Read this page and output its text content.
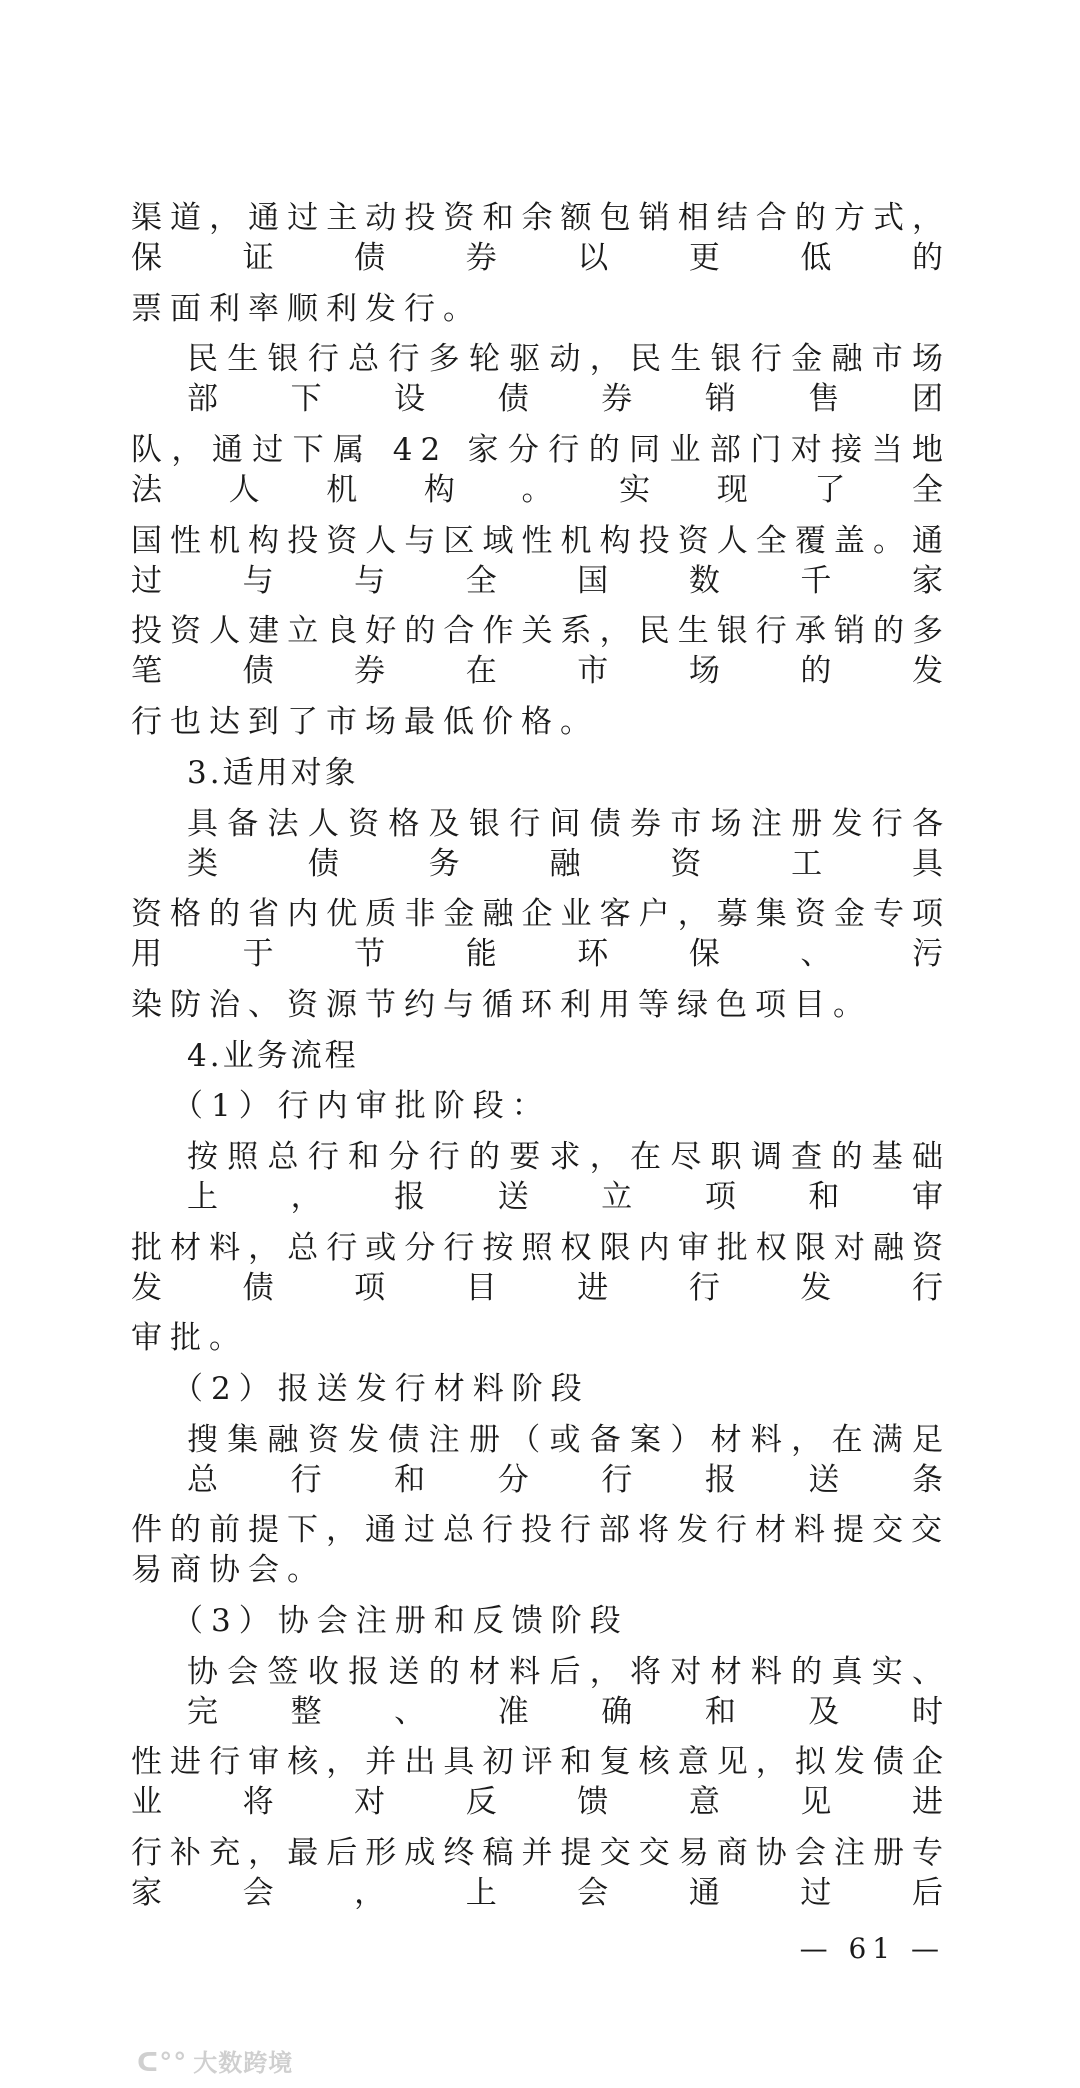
渠道，通过主动投资和余额包销相结合的方式，保证债券以更低的
票面利率顺利发行。
民生银行总行多轮驱动，民生银行金融市场部下设债券销售团
队，通过下属 42 家分行的同业部门对接当地法人机构。实现了全
国性机构投资人与区域性机构投资人全覆盖。通过与与全国数千家
投资人建立良好的合作关系，民生银行承销的多笔债券在市场的发
行也达到了市场最低价格。
3.适用对象
具备法人资格及银行间债券市场注册发行各类债务融资工具
资格的省内优质非金融企业客户，募集资金专项用于节能环保、污
染防治、资源节约与循环利用等绿色项目。
4.业务流程
（1）行内审批阶段：
按照总行和分行的要求，在尽职调查的基础上，报送立项和审
批材料，总行或分行按照权限内审批权限对融资发债项目进行发行
审批。
（2）报送发行材料阶段
搜集融资发债注册（或备案）材料，在满足总行和分行报送条
件的前提下，通过总行投行部将发行材料提交交易商协会。
（3）协会注册和反馈阶段
协会签收报送的材料后，将对材料的真实、完整、准确和及时
性进行审核，并出具初评和复核意见，拟发债企业将对反馈意见进
行补充，最后形成终稿并提交交易商协会注册专家会，上会通过后
— 61 —
ᑕ°° 大数跨境
